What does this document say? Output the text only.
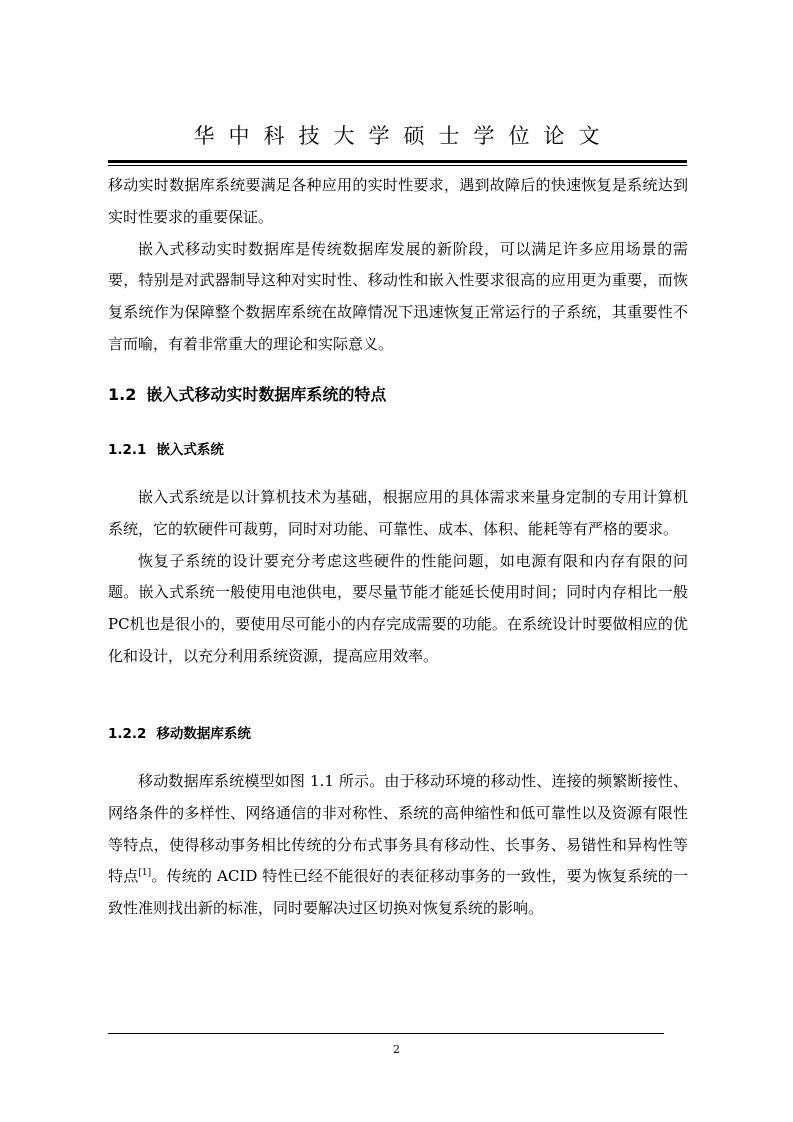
华中科技大学硕士学位论文

移动实时数据库系统要满足各种应用的实时性要求，遇到故障后的快速恢复是系统达到实时性要求的重要保证。

嵌入式移动实时数据库是传统数据库发展的新阶段，可以满足许多应用场景的需要，特别是对武器制导这种对实时性、移动性和嵌入性要求很高的应用更为重要，而恢复系统作为保障整个数据库系统在故障情况下迅速恢复正常运行的子系统，其重要性不言而喻，有着非常重大的理论和实际意义。

1.2 嵌入式移动实时数据库系统的特点

1.2.1 嵌入式系统

嵌入式系统是以计算机技术为基础，根据应用的具体需求来量身定制的专用计算机系统，它的软硬件可裁剪，同时对功能、可靠性、成本、体积、能耗等有严格的要求。

恢复子系统的设计要充分考虑这些硬件的性能问题，如电源有限和内存有限的问题。嵌入式系统一般使用电池供电，要尽量节能才能延长使用时间；同时内存相比一般PC机也是很小的，要使用尽可能小的内存完成需要的功能。在系统设计时要做相应的优化和设计，以充分利用系统资源，提高应用效率。

1.2.2 移动数据库系统

移动数据库系统模型如图 1.1 所示。由于移动环境的移动性、连接的频繁断接性、网络条件的多样性、网络通信的非对称性、系统的高伸缩性和低可靠性以及资源有限性等特点，使得移动事务相比传统的分布式事务具有移动性、长事务、易错性和异构性等特点[1]。传统的 ACID 特性已经不能很好的表征移动事务的一致性，要为恢复系统的一致性准则找出新的标准，同时要解决过区切换对恢复系统的影响。

2
